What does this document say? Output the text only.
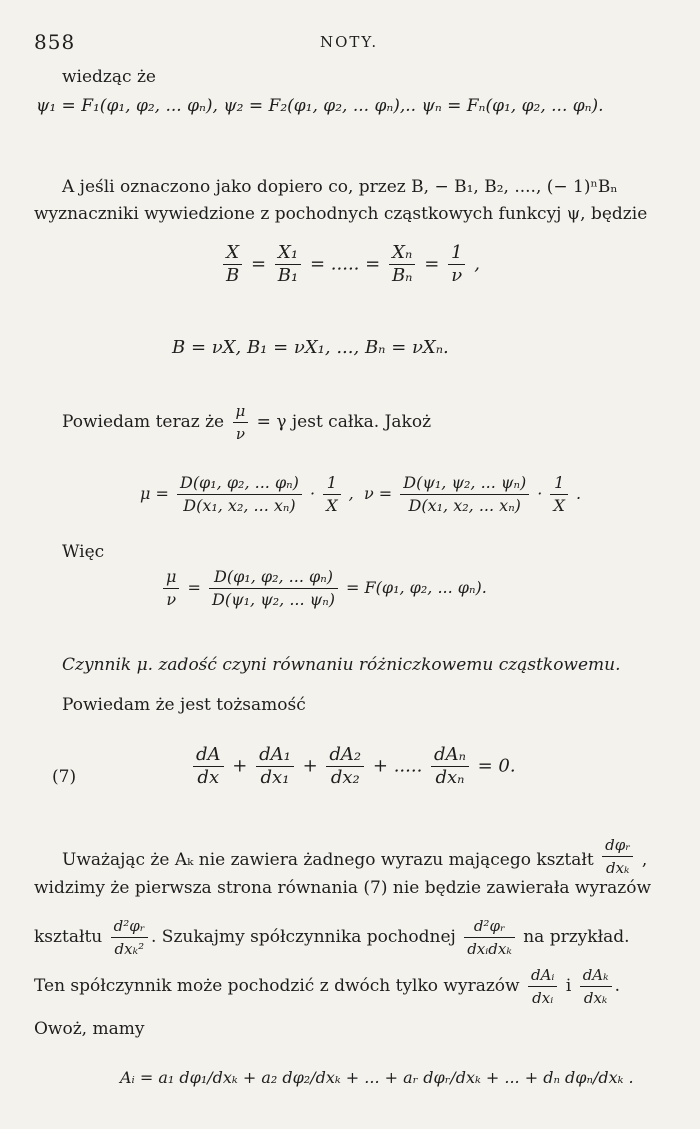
858	NOTY.
wiedząc że
ψ₁ = F₁(φ₁, φ₂, ... φₙ), ψ₂ = F₂(φ₁, φ₂, ... φₙ),.. ψₙ = Fₙ(φ₁, φ₂, ... φₙ).
A jeśli oznaczono jako dopiero co, przez B, − B₁, B₂, ...., (− 1)ⁿBₙ
wyznaczniki wywiedzione z pochodnych cząstkowych funkcyj ψ, będzie
$\frac{X}{B} = \frac{\text{X₁}}{\text{B₁}}$ = ..... = $\frac{\text{Xₙ}}{\text{Bₙ}} = \frac{1}{\nu}$ ,
B = νX, B₁ = νX₁, ..., Bₙ = νXₙ.
Powiedam teraz że $\frac{\mu}{\nu} = \gamma$ jest całka. Jakoż
$\mu = \frac{\text{D(φ₁, φ₂, ... φₙ)}}{\text{D(x₁, x₂, ... xₙ)}} \cdot \frac{1}{X}$ , $\nu = \frac{\text{D(ψ₁, ψ₂, ... ψₙ)}}{\text{D(x₁, x₂, ... xₙ)}} \cdot \frac{1}{X}$ .
Więc
$\frac{\mu}{\nu} = \frac{\text{D(φ₁, φ₂, ... φₙ)}}{\text{D(ψ₁, ψ₂, ... ψₙ)}} = F(\varphi_1$, φ₂, ... φₙ).
Czynnik μ. zadość czyni równaniu różniczkowemu cząstkowemu.
Powiedam że jest tożsamość
(7)	$\frac{dA}{dx} + \frac{\text{dA₁}}{\text{dx₁}} + \frac{\text{dA₂}}{\text{dx₂}}$ + ..... $\frac{\text{dAₙ}}{\text{dxₙ}} = 0$.
Uważając że Aₖ nie zawiera żadnego wyrazu mającego kształt $\frac{\text{dφᵣ}}{\text{dxₖ}}$ ,
widzimy że pierwsza strona równania (7) nie będzie zawierała wyrazów
kształtu $\frac{\text{d²φᵣ}}{\text{dxₖ²}}$ . Szukajmy spółczynnika pochodnej $\frac{\text{d²φᵣ}}{\text{dxᵢdxₖ}}$ na przykład.
Ten spółczynnik może pochodzić z dwóch tylko wyrazów $\frac{\text{dAᵢ}}{\text{dxᵢ}}$ i $\frac{\text{dAₖ}}{\text{dxₖ}}$ .
Owoż, mamy
Aᵢ = a₁ dφ₁/dxₖ + a₂ dφ₂/dxₖ + ... + aᵣ dφᵣ/dxₖ + ... + dₙ dφₙ/dxₖ .
